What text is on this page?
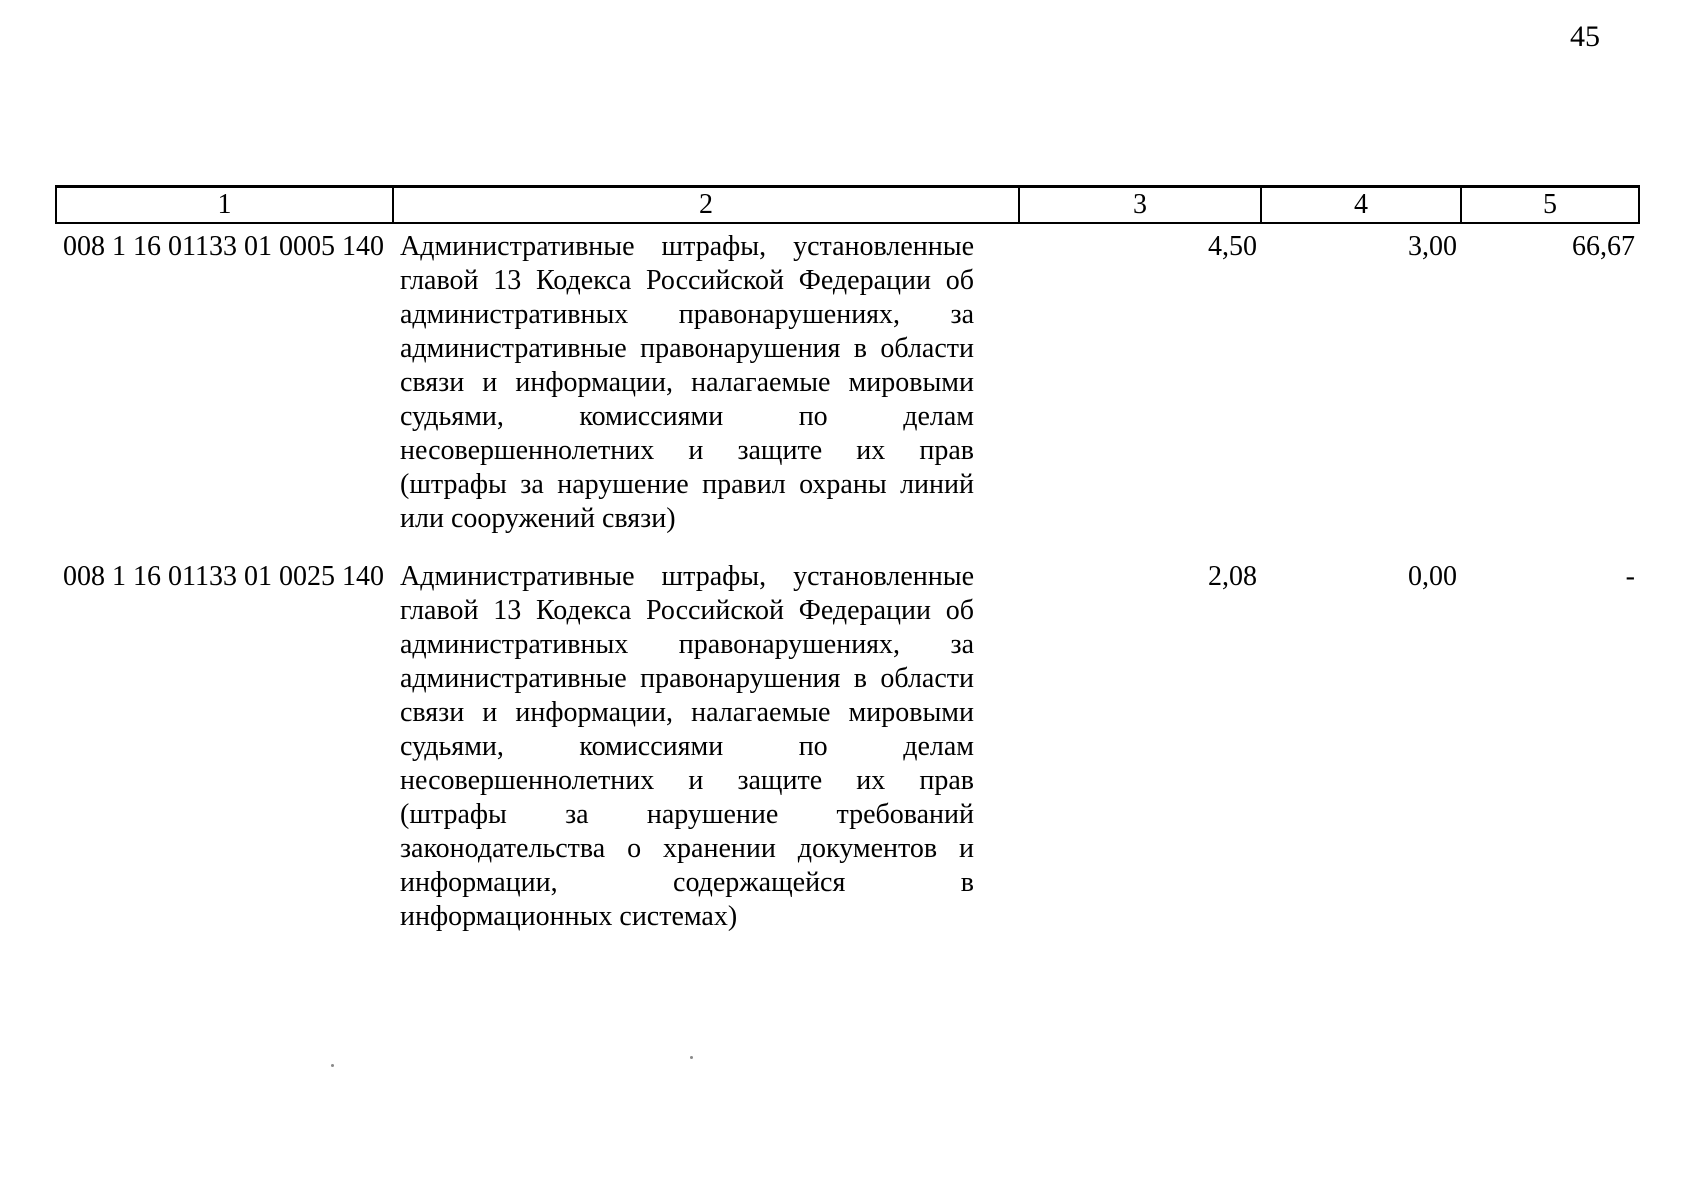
45
1	2	3	4	5
008 1 16 01133 01 0005 140	Административные штрафы, установленные главой 13 Кодекса Российской Федерации об административных правонарушениях, за административные правонарушения в области связи и информации, налагаемые мировыми судьями, комиссиями по делам несовершеннолетних и защите их прав (штрафы за нарушение правил охраны линий или сооружений связи)	4,50	3,00	66,67
008 1 16 01133 01 0025 140	Административные штрафы, установленные главой 13 Кодекса Российской Федерации об административных правонарушениях, за административные правонарушения в области связи и информации, налагаемые мировыми судьями, комиссиями по делам несовершеннолетних и защите их прав (штрафы за нарушение требований законодательства о хранении документов и информации, содержащейся в информационных системах)	2,08	0,00	-
